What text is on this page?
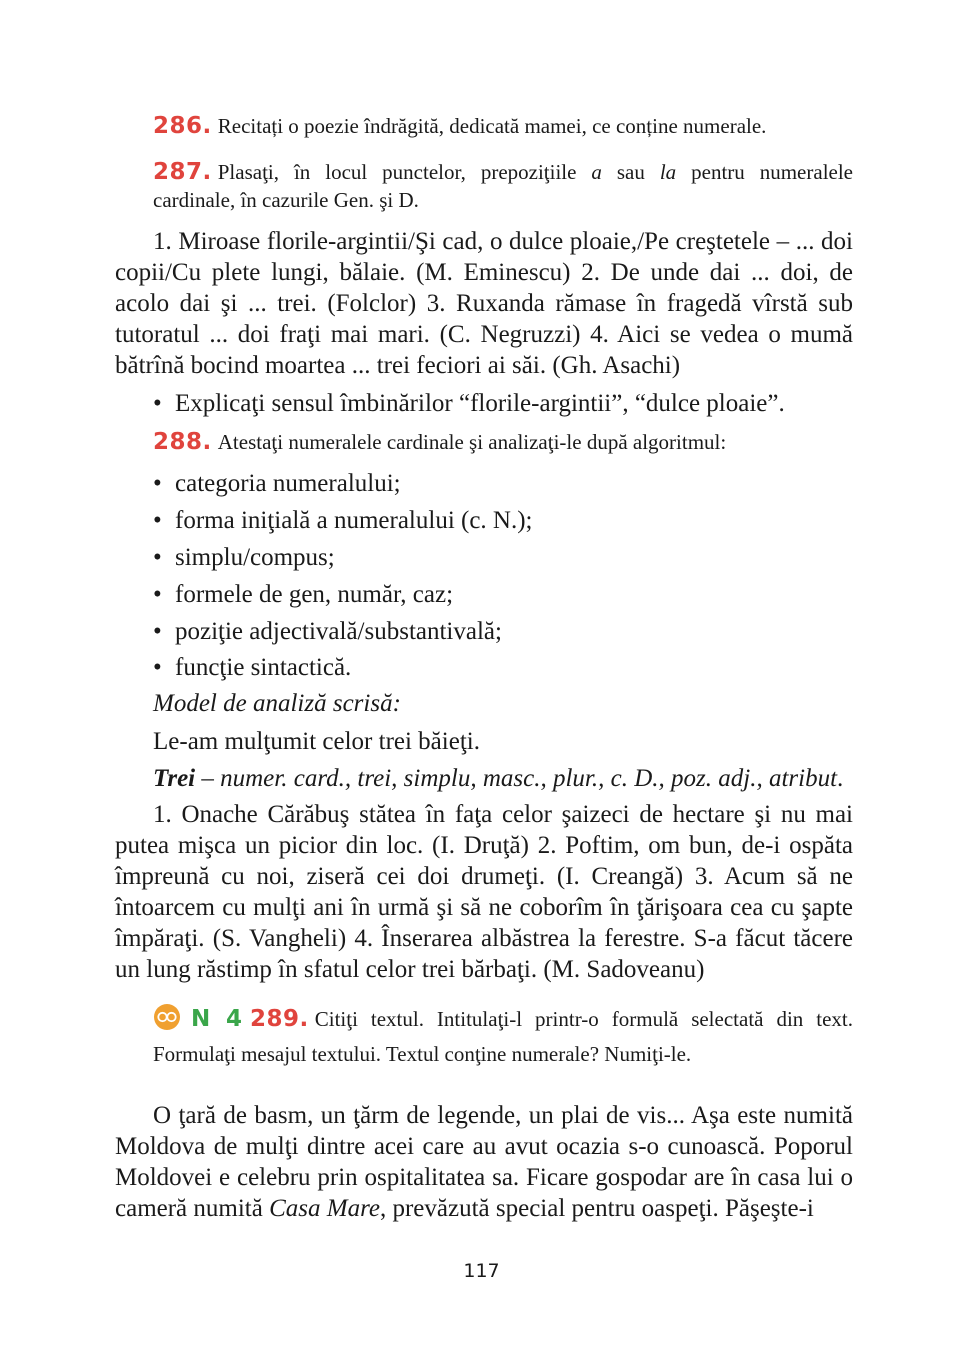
286. Recitați o poezie îndrăgită, dedicată mamei, ce conține numerale.
287. Plasaţi, în locul punctelor, prepoziţiile a sau la pentru numeralele cardinale, în cazurile Gen. şi D.
1. Miroase florile-argintii/Şi cad, o dulce ploaie,/Pe creştetele – ... doi copii/Cu plete lungi, bălaie. (M. Eminescu) 2. De unde dai ... doi, de acolo dai şi ... trei. (Folclor) 3. Ruxanda rămase în fragedă vîrstă sub tutoratul ... doi fraţi mai mari. (C. Negruzzi) 4. Aici se vedea o mumă bătrînă bocind moartea ... trei feciori ai săi. (Gh. Asachi)
• Explicaţi sensul îmbinărilor “florile-argintii”, “dulce ploaie”.
288. Atestaţi numeralele cardinale şi analizaţi-le după algoritmul:
• categoria numeralului;
• forma iniţială a numeralului (c. N.);
• simplu/compus;
• formele de gen, număr, caz;
• poziţie adjectivală/substantivală;
• funcţie sintactică.
Model de analiză scrisă:
Le-am mulţumit celor trei băieţi.
Trei – numer. card., trei, simplu, masc., plur., c. D., poz. adj., atribut.
1. Onache Cărăbuş stătea în faţa celor şaizeci de hectare şi nu mai putea mişca un picior din loc. (I. Druţă) 2. Poftim, om bun, de-i ospăta împreună cu noi, ziseră cei doi drumeţi. (I. Creangă) 3. Acum să ne întoarcem cu mulţi ani în urmă şi să ne coborîm în ţărişoara cea cu şapte împăraţi. (S. Vangheli) 4. Înserarea albăstrea la ferestre. S-a făcut tăcere un lung răstimp în sfatul celor trei bărbaţi. (M. Sadoveanu)
N 4 289. Citiţi textul. Intitulaţi-l printr-o formulă selectată din text. Formulaţi mesajul textului. Textul conţine numerale? Numiţi-le.
O ţară de basm, un ţărm de legende, un plai de vis... Aşa este numită Moldova de mulţi dintre acei care au avut ocazia s-o cunoască. Poporul Moldovei e celebru prin ospitalitatea sa. Ficare gospodar are în casa lui o cameră numită Casa Mare, prevăzută special pentru oaspeţi. Păşeşte-i
117
